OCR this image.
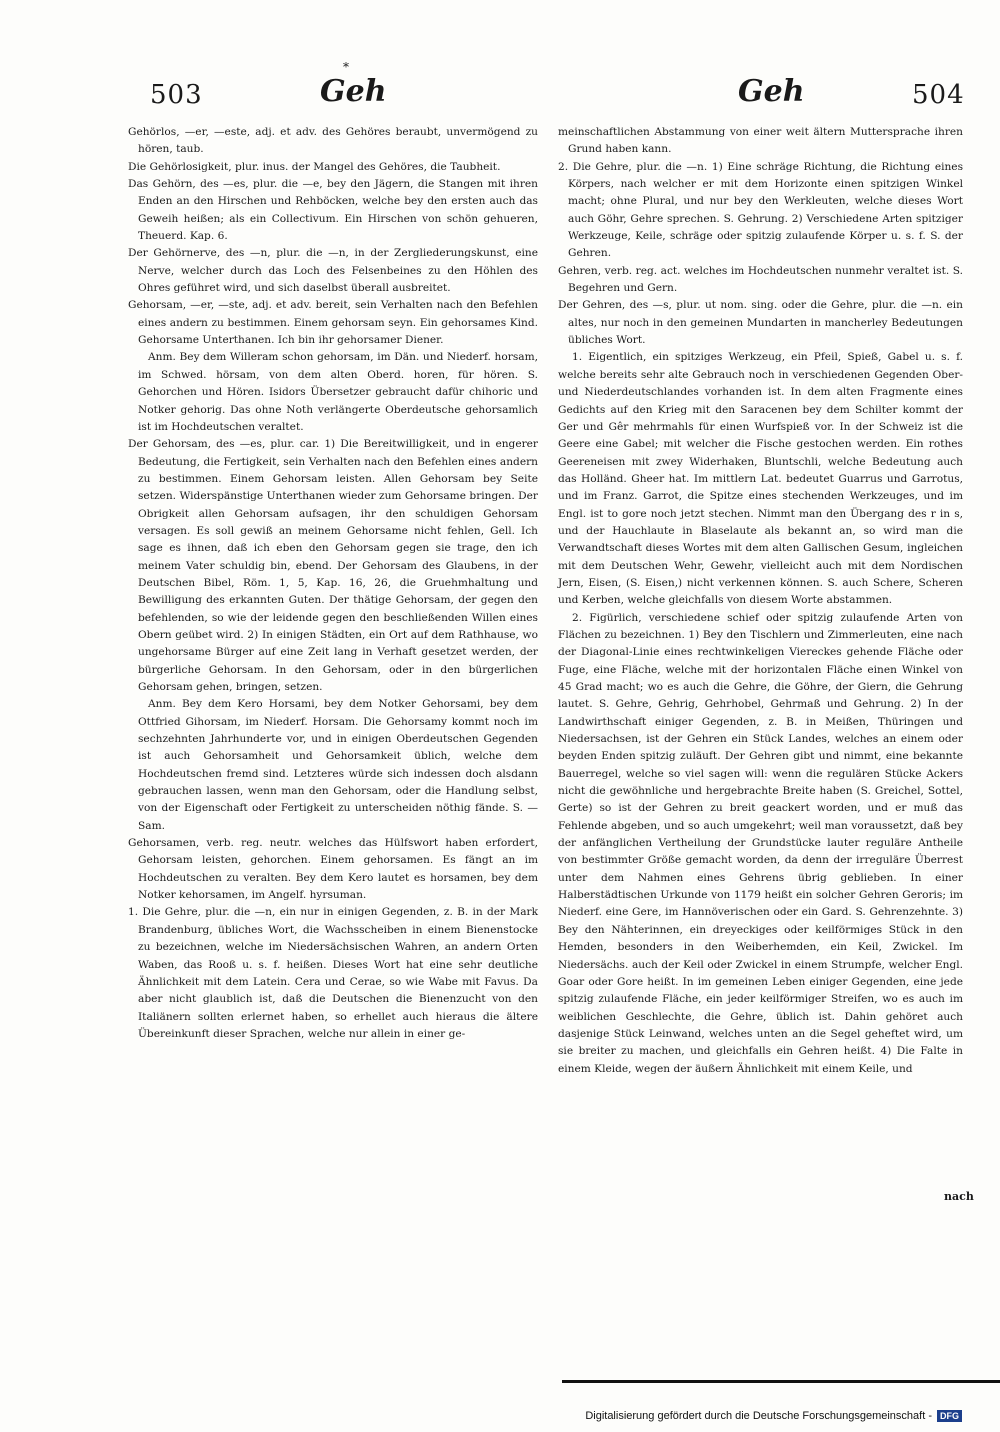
503	Geh
*
Geh	504

Gehörlos, —er, —este, adj. et adv. des Gehöres beraubt, unvermögend zu hören, taub.

Die Gehörlosigkeit, plur. inus. der Mangel des Gehöres, die Taubheit.

Das Gehörn, des —es, plur. die —e, bey den Jägern, die Stangen mit ihren Enden an den Hirschen und Rehböcken, welche bey den ersten auch das Geweih heißen; als ein Collectivum. Ein Hirschen von schön gehueren, Theuerd. Kap. 6.

Der Gehörnerve, des —n, plur. die —n, in der Zergliederungskunst, eine Nerve, welcher durch das Loch des Felsenbeines zu den Höhlen des Ohres geführet wird, und sich daselbst überall ausbreitet.

Gehorsam, —er, —ste, adj. et adv. bereit, sein Verhalten nach den Befehlen eines andern zu bestimmen. Einem gehorsam seyn. Ein gehorsames Kind. Gehorsame Unterthanen. Ich bin ihr gehorsamer Diener.

Anm. Bey dem Willeram schon gehorsam, im Dän. und Niederf. horsam, im Schwed. hörsam, von dem alten Oberd. horen, für hören. S. Gehorchen und Hören. Isidors Übersetzer gebraucht dafür chihoric und Notker gehorig. Das ohne Noth verlängerte Oberdeutsche gehorsamlich ist im Hochdeutschen veraltet.

Der Gehorsam, des —es, plur. car. 1) Die Bereitwilligkeit, und in engerer Bedeutung, die Fertigkeit, sein Verhalten nach den Befehlen eines andern zu bestimmen. Einem Gehorsam leisten. Allen Gehorsam bey Seite setzen. Widerspänstige Unterthanen wieder zum Gehorsame bringen. Der Obrigkeit allen Gehorsam aufsagen, ihr den schuldigen Gehorsam versagen. Es soll gewiß an meinem Gehorsame nicht fehlen, Gell. Ich sage es ihnen, daß ich eben den Gehorsam gegen sie trage, den ich meinem Vater schuldig bin, ebend. Der Gehorsam des Glaubens, in der Deutschen Bibel, Röm. 1, 5, Kap. 16, 26, die Gruehmhaltung und Bewilligung des erkannten Guten. Der thätige Gehorsam, der gegen den befehlenden, so wie der leidende gegen den beschließenden Willen eines Obern geübet wird. 2) In einigen Städten, ein Ort auf dem Rathhause, wo ungehorsame Bürger auf eine Zeit lang in Verhaft gesetzet werden, der bürgerliche Gehorsam. In den Gehorsam, oder in den bürgerlichen Gehorsam gehen, bringen, setzen.

Anm. Bey dem Kero Horsami, bey dem Notker Gehorsami, bey dem Ottfried Gihorsam, im Niederf. Horsam. Die Gehorsamy kommt noch im sechzehnten Jahrhunderte vor, und in einigen Oberdeutschen Gegenden ist auch Gehorsamheit und Gehorsamkeit üblich, welche dem Hochdeutschen fremd sind. Letzteres würde sich indessen doch alsdann gebrauchen lassen, wenn man den Gehorsam, oder die Handlung selbst, von der Eigenschaft oder Fertigkeit zu unterscheiden nöthig fände. S. — Sam.

Gehorsamen, verb. reg. neutr. welches das Hülfswort haben erfordert, Gehorsam leisten, gehorchen. Einem gehorsamen. Es fängt an im Hochdeutschen zu veralten. Bey dem Kero lautet es horsamen, bey dem Notker kehorsamen, im Angelf. hyrsuman.

1. Die Gehre, plur. die —n, ein nur in einigen Gegenden, z. B. in der Mark Brandenburg, übliches Wort, die Wachsscheiben in einem Bienenstocke zu bezeichnen, welche im Niedersächsischen Wahren, an andern Orten Waben, das Rooß u. s. f. heißen. Dieses Wort hat eine sehr deutliche Ähnlichkeit mit dem Latein. Cera und Cerae, so wie Wabe mit Favus. Da aber nicht glaublich ist, daß die Deutschen die Bienenzucht von den Italiänern sollten erlernet haben, so erhellet auch hieraus die ältere Übereinkunft dieser Sprachen, welche nur allein in einer ge-

meinschaftlichen Abstammung von einer weit ältern Muttersprache ihren Grund haben kann.

2. Die Gehre, plur. die —n. 1) Eine schräge Richtung, die Richtung eines Körpers, nach welcher er mit dem Horizonte einen spitzigen Winkel macht; ohne Plural, und nur bey den Werkleuten, welche dieses Wort auch Göhr, Gehre sprechen. S. Gehrung. 2) Verschiedene Arten spitziger Werkzeuge, Keile, schräge oder spitzig zulaufende Körper u. s. f. S. der Gehren.

Gehren, verb. reg. act. welches im Hochdeutschen nunmehr veraltet ist. S. Begehren und Gern.

Der Gehren, des —s, plur. ut nom. sing. oder die Gehre, plur. die —n. ein altes, nur noch in den gemeinen Mundarten in mancherley Bedeutungen übliches Wort.

1. Eigentlich, ein spitziges Werkzeug, ein Pfeil, Spieß, Gabel u. s. f. welche bereits sehr alte Gebrauch noch in verschiedenen Gegenden Ober- und Niederdeutschlandes vorhanden ist. In dem alten Fragmente eines Gedichts auf den Krieg mit den Saracenen bey dem Schilter kommt der Ger und Gêr mehrmahls für einen Wurfspieß vor. In der Schweiz ist die Geere eine Gabel; mit welcher die Fische gestochen werden. Ein rothes Geereneisen mit zwey Widerhaken, Bluntschli, welche Bedeutung auch das Holländ. Gheer hat. Im mittlern Lat. bedeutet Guarrus und Garrotus, und im Franz. Garrot, die Spitze eines stechenden Werkzeuges, und im Engl. ist to gore noch jetzt stechen. Nimmt man den Übergang des r in s, und der Hauchlaute in Blaselaute als bekannt an, so wird man die Verwandtschaft dieses Wortes mit dem alten Gallischen Gesum, ingleichen mit dem Deutschen Wehr, Gewehr, vielleicht auch mit dem Nordischen Jern, Eisen, (S. Eisen,) nicht verkennen können. S. auch Schere, Scheren und Kerben, welche gleichfalls von diesem Worte abstammen.

2. Figürlich, verschiedene schief oder spitzig zulaufende Arten von Flächen zu bezeichnen. 1) Bey den Tischlern und Zimmerleuten, eine nach der Diagonal-Linie eines rechtwinkeligen Viereckes gehende Fläche oder Fuge, eine Fläche, welche mit der horizontalen Fläche einen Winkel von 45 Grad macht; wo es auch die Gehre, die Göhre, der Giern, die Gehrung lautet. S. Gehre, Gehrig, Gehrhobel, Gehrmaß und Gehrung. 2) In der Landwirthschaft einiger Gegenden, z. B. in Meißen, Thüringen und Niedersachsen, ist der Gehren ein Stück Landes, welches an einem oder beyden Enden spitzig zuläuft. Der Gehren gibt und nimmt, eine bekannte Bauerregel, welche so viel sagen will: wenn die regulären Stücke Ackers nicht die gewöhnliche und hergebrachte Breite haben (S. Greichel, Sottel, Gerte) so ist der Gehren zu breit geackert worden, und er muß das Fehlende abgeben, und so auch umgekehrt; weil man voraussetzt, daß bey der anfänglichen Vertheilung der Grundstücke lauter reguläre Antheile von bestimmter Größe gemacht worden, da denn der irreguläre Überrest unter dem Nahmen eines Gehrens übrig geblieben. In einer Halberstädtischen Urkunde von 1179 heißt ein solcher Gehren Geroris; im Niederf. eine Gere, im Hannöverischen oder ein Gard. S. Gehrenzehnte. 3) Bey den Nähterinnen, ein dreyeckiges oder keilförmiges Stück in den Hemden, besonders in den Weiberhemden, ein Keil, Zwickel. Im Niedersächs. auch der Keil oder Zwickel in einem Strumpfe, welcher Engl. Goar oder Gore heißt. In im gemeinen Leben einiger Gegenden, eine jede spitzig zulaufende Fläche, ein jeder keilförmiger Streifen, wo es auch im weiblichen Geschlechte, die Gehre, üblich ist. Dahin gehöret auch dasjenige Stück Leinwand, welches unten an die Segel geheftet wird, um sie breiter zu machen, und gleichfalls ein Gehren heißt. 4) Die Falte in einem Kleide, wegen der äußern Ähnlichkeit mit einem Keile, und

nach
Digitalisierung gefördert durch die Deutsche Forschungsgemeinschaft - DFG
